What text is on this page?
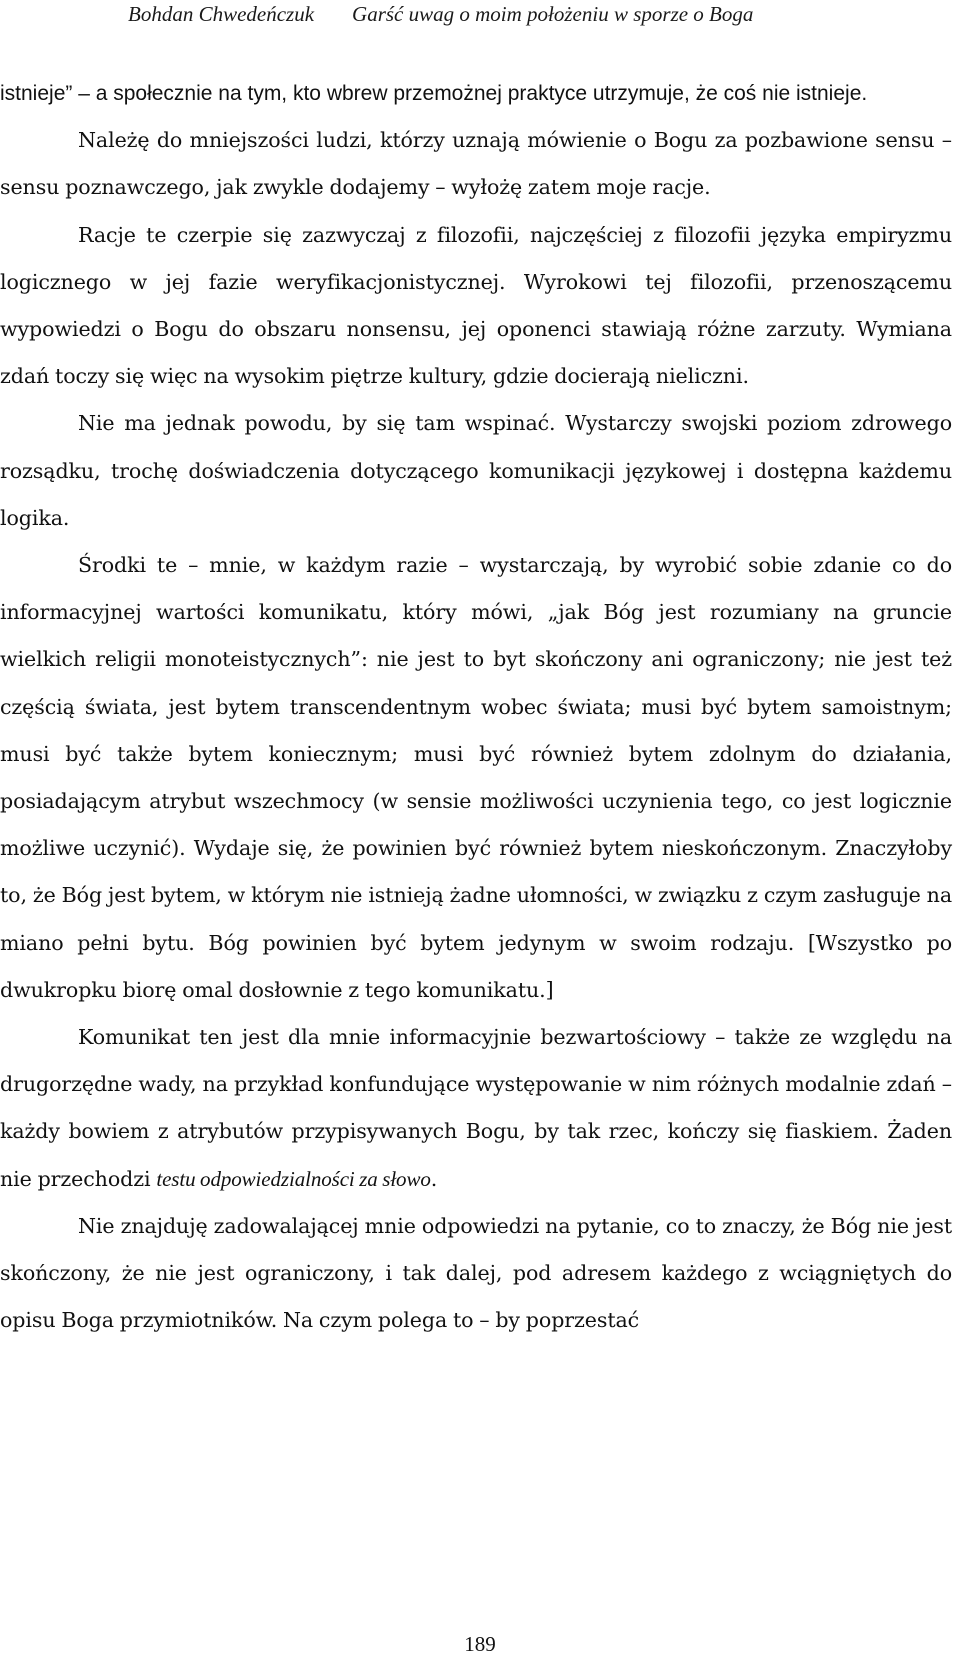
Bohdan Chwedeńczuk Garść uwag o moim położeniu w sporze o Boga

istnieje” – a społecznie na tym, kto wbrew przemożnej praktyce utrzymuje, że coś nie istnieje.

Należę do mniejszości ludzi, którzy uznają mówienie o Bogu za pozbawione sensu – sensu poznawczego, jak zwykle dodajemy – wyłożę zatem moje racje.

Racje te czerpie się zazwyczaj z filozofii, najczęściej z filozofii języka empiryzmu logicznego w jej fazie weryfikacjonistycznej. Wyrokowi tej filozofii, przenoszącemu wypowiedzi o Bogu do obszaru nonsensu, jej oponenci stawiają różne zarzuty. Wymiana zdań toczy się więc na wysokim piętrze kultury, gdzie docierają nieliczni.

Nie ma jednak powodu, by się tam wspinać. Wystarczy swojski poziom zdrowego rozsądku, trochę doświadczenia dotyczącego komunikacji językowej i dostępna każdemu logika.

Środki te – mnie, w każdym razie – wystarczają, by wyrobić sobie zdanie co do informacyjnej wartości komunikatu, który mówi, „jak Bóg jest rozumiany na gruncie wielkich religii monoteistycznych”: nie jest to byt skończony ani ograniczony; nie jest też częścią świata, jest bytem transcendentnym wobec świata; musi być bytem samoistnym; musi być także bytem koniecznym; musi być również bytem zdolnym do działania, posiadającym atrybut wszechmocy (w sensie możliwości uczynienia tego, co jest logicznie możliwe uczynić). Wydaje się, że powinien być również bytem nieskończonym. Znaczyłoby to, że Bóg jest bytem, w którym nie istnieją żadne ułomności, w związku z czym zasługuje na miano pełni bytu. Bóg powinien być bytem jedynym w swoim rodzaju. [Wszystko po dwukropku biorę omal dosłownie z tego komunikatu.]

Komunikat ten jest dla mnie informacyjnie bezwartościowy – także ze względu na drugorzędne wady, na przykład konfundujące występowanie w nim różnych modalnie zdań – każdy bowiem z atrybutów przypisywanych Bogu, by tak rzec, kończy się fiaskiem. Żaden nie przechodzi testu odpowiedzialności za słowo.

Nie znajduję zadowalającej mnie odpowiedzi na pytanie, co to znaczy, że Bóg nie jest skończony, że nie jest ograniczony, i tak dalej, pod adresem każdego z wciągniętych do opisu Boga przymiotników. Na czym polega to – by poprzestać

189
